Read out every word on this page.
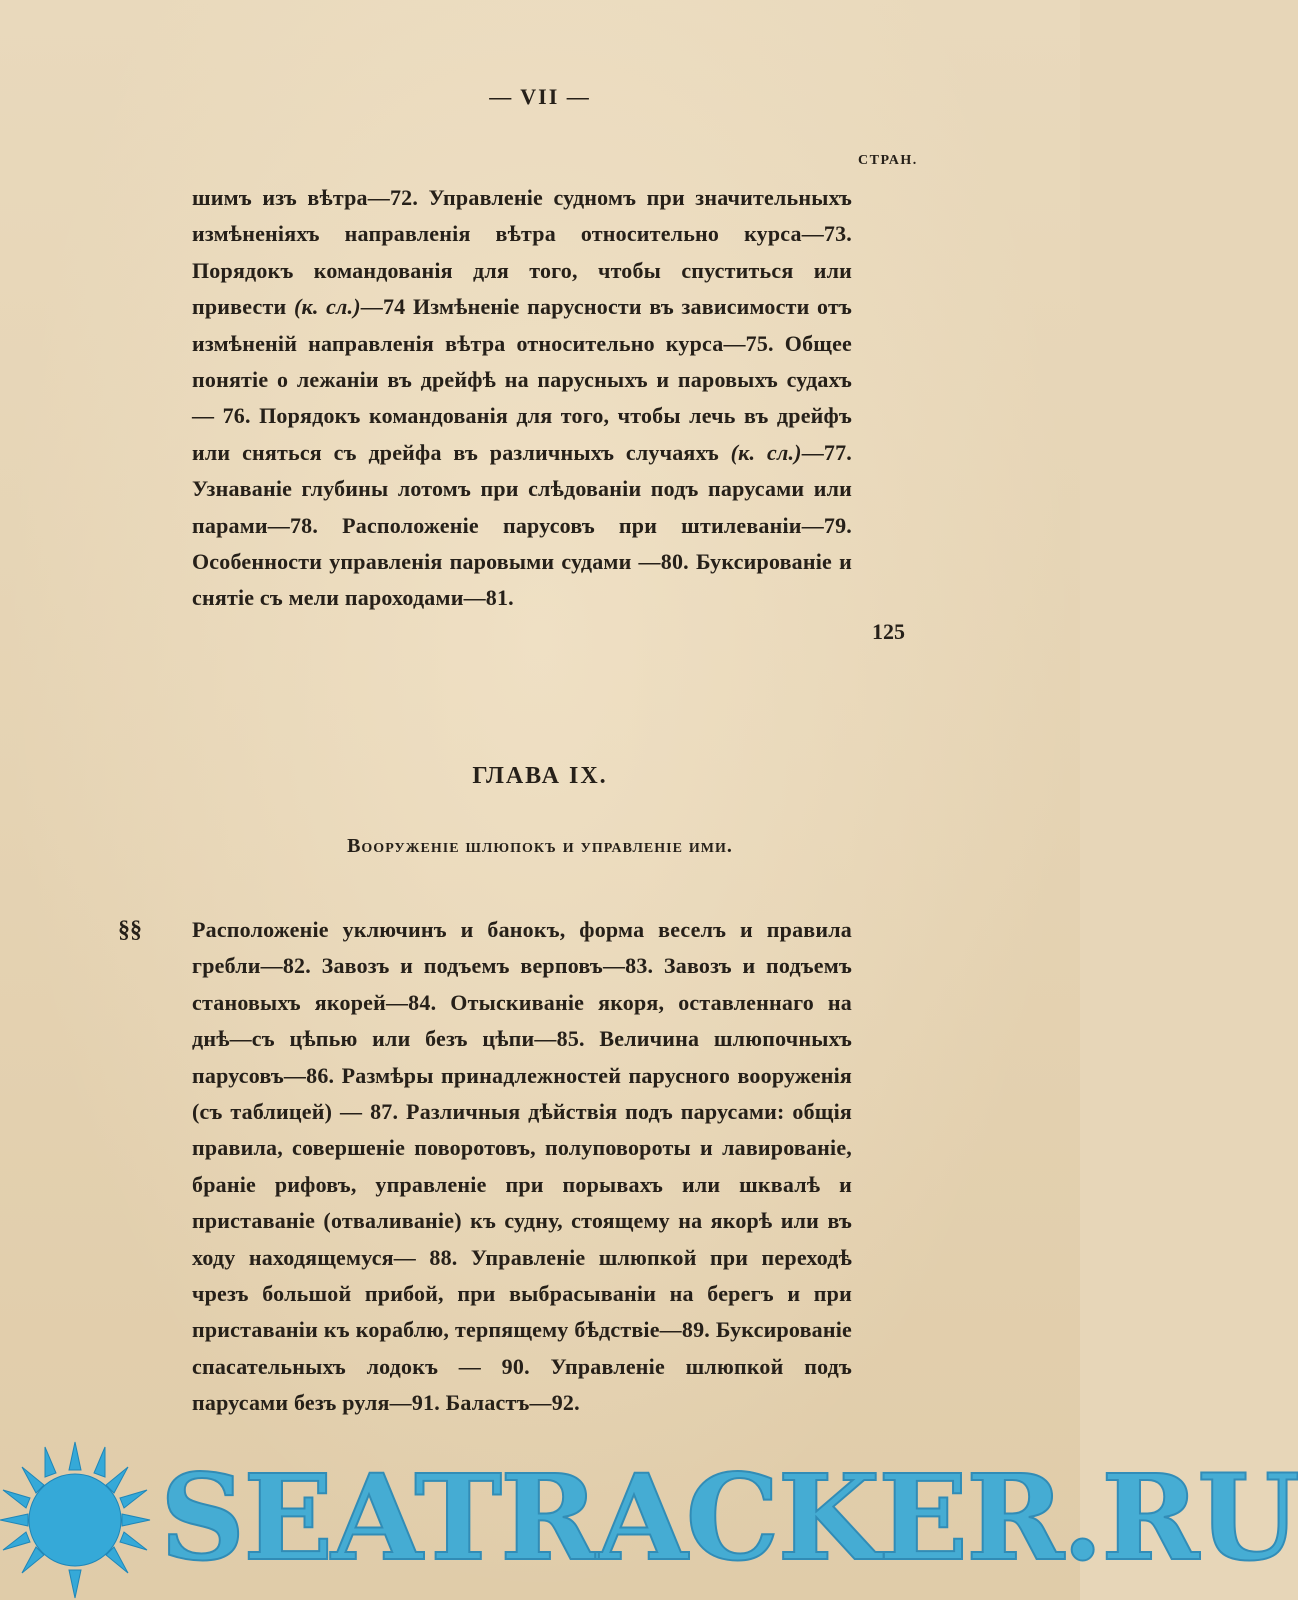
— VII —
СТРАН.
шимъ изъ вѣтра—72. Управленіе судномъ при значительныхъ измѣненіяхъ направленія вѣтра относительно курса—73. Порядокъ командованія для того, чтобы спуститься или привести (к. сл.)—74 Измѣненіе парусности въ зависимости отъ измѣненій направленія вѣтра относительно курса—75. Общее понятіе о лежаніи въ дрейфѣ на парусныхъ и паровыхъ судахъ — 76. Порядокъ командованія для того, чтобы лечь въ дрейфъ или сняться съ дрейфа въ различныхъ случаяхъ (к. сл.)—77. Узнаваніе глубины лотомъ при слѣдованіи подъ парусами или парами—78. Расположеніе парусовъ при штилеваніи—79. Особенности управленія паровыми судами —80. Буксированіе и снятіе съ мели пароходами—81.
125
ГЛАВА IX.
Вооруженіе шлюпокъ и управленіе ими.
§§ Расположеніе уключинъ и банокъ, форма веселъ и правила гребли—82. Завозъ и подъемъ верповъ—83. Завозъ и подъемъ становыхъ якорей—84. Отыскиваніе якоря, оставленнаго на днѣ—съ цѣпью или безъ цѣпи—85. Величина шлюпочныхъ парусовъ—86. Размѣры принадлежностей парусного вооруженія (съ таблицей) — 87. Различныя дѣйствія подъ парусами: общія правила, совершеніе поворотовъ, полуповороты и лавированіе, браніе рифовъ, управленіе при порывахъ или шквалѣ и приставаніе (отваливаніе) къ судну, стоящему на якорѣ или въ ходу находящемуся— 88. Управленіе шлюпкой при переходѣ чрезъ большой прибой, при выбрасываніи на берегъ и при приставаніи къ кораблю, терпящему бѣдствіе—89. Буксированіе спасательныхъ лодокъ — 90. Управленіе шлюпкой подъ парусами безъ руля—91. Баластъ—92.
SEATRACKER.RU
